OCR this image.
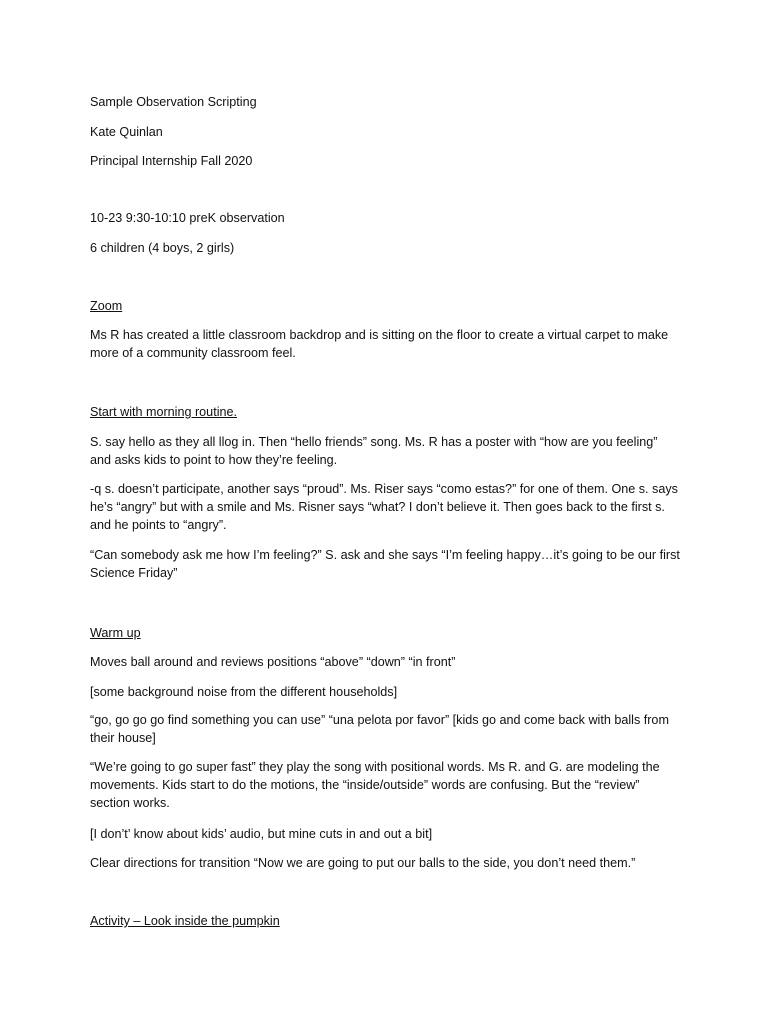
Sample Observation Scripting
Kate Quinlan
Principal Internship Fall 2020
10-23 9:30-10:10 preK observation
6 children (4 boys, 2 girls)
Zoom
Ms R has created a little classroom backdrop and is sitting on the floor to create a virtual carpet to make more of a community classroom feel.
Start with morning routine.
S. say hello as they all llog in. Then “hello friends” song. Ms. R has a poster with “how are you feeling” and asks kids to point to how they’re feeling.
-q s. doesn’t participate, another says “proud”. Ms. Riser says “como estas?” for one of them. One s. says he’s “angry” but with a smile and Ms. Risner says “what? I don’t believe it. Then goes back to the first s. and he points to “angry”.
“Can somebody ask me how I’m feeling?” S. ask and she says “I’m feeling happy…it’s going to be our first Science Friday”
Warm up
Moves ball around and reviews positions “above” “down” “in front”
[some background noise from the different households]
“go, go go go find something you can use” “una pelota por favor” [kids go and come back with balls from their house]
“We’re going to go super fast” they play the song with positional words. Ms R. and G. are modeling the movements. Kids start to do the motions, the “inside/outside” words are confusing. But the “review” section works.
[I don’t’ know about kids’ audio, but mine cuts in and out a bit]
Clear directions for transition “Now we are going to put our balls to the side, you don’t need them.”
Activity – Look inside the pumpkin
